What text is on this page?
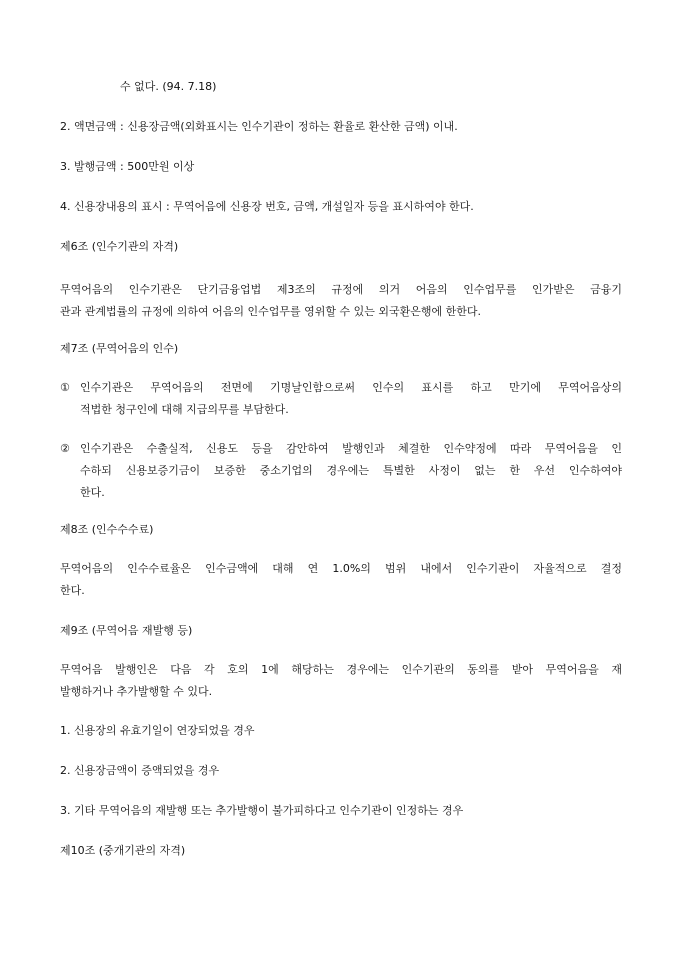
수 없다. (94. 7.18)
2. 액면금액 : 신용장금액(외화표시는 인수기관이 정하는 환율로 환산한 금액) 이내.
3. 발행금액 : 500만원 이상
4. 신용장내용의 표시 : 무역어음에 신용장 번호, 금액, 개설일자 등을 표시하여야 한다.
제6조 (인수기관의 자격)

무역어음의 인수기관은 단기금융업법 제3조의 규정에 의거 어음의 인수업무를 인가받은 금융기

관과 관계법률의 규정에 의하여 어음의 인수업무를 영위할 수 있는 외국환은행에 한한다.

제7조 (무역어음의 인수)
① 인수기관은 무역어음의 전면에 기명날인함으로써 인수의 표시를 하고 만기에 무역어음상의

적법한 청구인에 대해 지급의무를 부담한다.

② 인수기관은 수출실적, 신용도 등을 감안하여 발행인과 체결한 인수약정에 따라 무역어음을 인

수하되 신용보증기금이 보증한 중소기업의 경우에는 특별한 사정이 없는 한 우선 인수하여야

한다.

제8조 (인수수수료)

무역어음의 인수수료율은 인수금액에 대해 연 1.0%의 범위 내에서 인수기관이 자율적으로 결정

한다.

제9조 (무역어음 재발행 등)

무역어음 발행인은 다음 각 호의 1에 해당하는 경우에는 인수기관의 동의를 받아 무역어음을 재

발행하거나 추가발행할 수 있다.

1. 신용장의 유효기일이 연장되었을 경우
2. 신용장금액이 증액되었을 경우
3. 기타 무역어음의 재발행 또는 추가발행이 불가피하다고 인수기관이 인정하는 경우
제10조 (중개기관의 자격)
